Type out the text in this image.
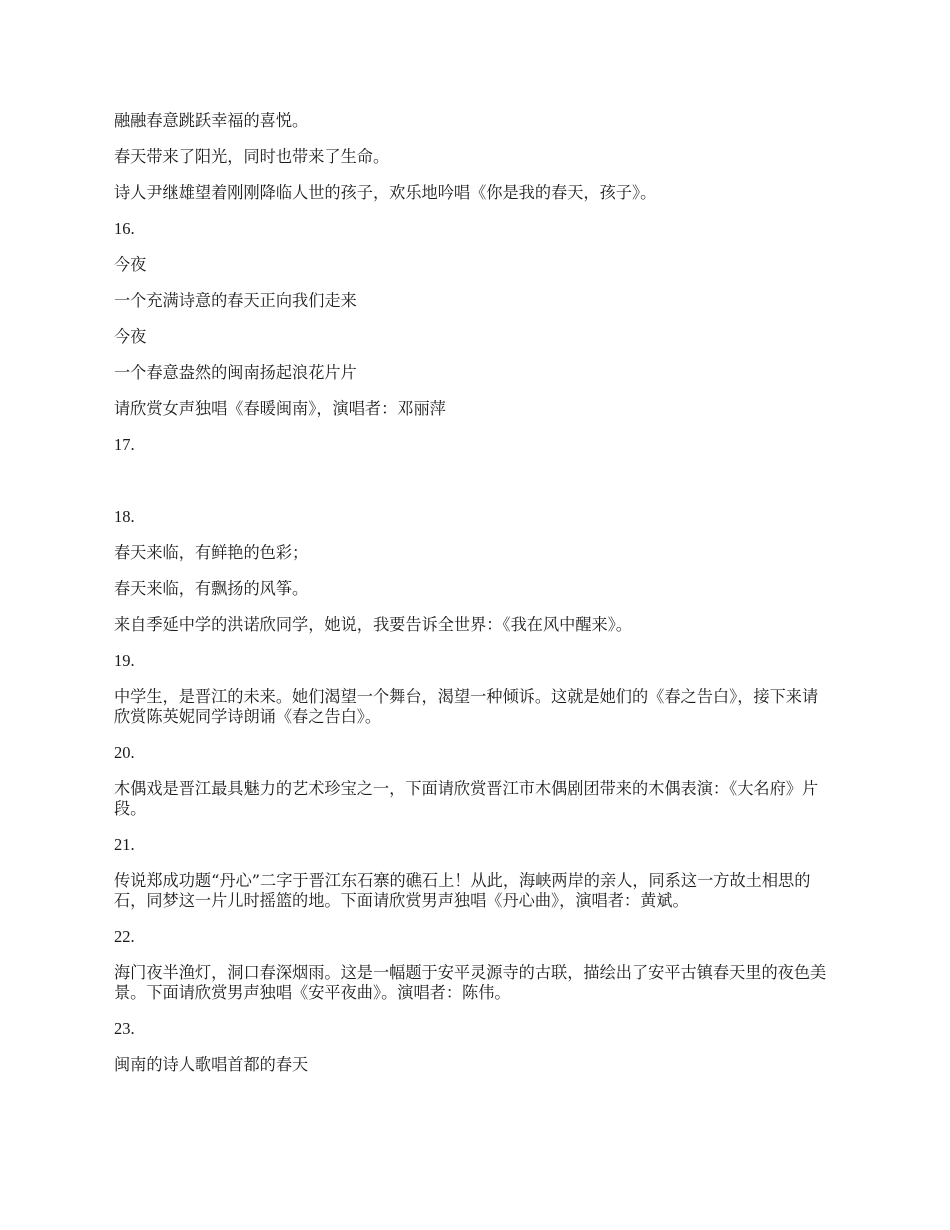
融融春意跳跃幸福的喜悦。

春天带来了阳光，同时也带来了生命。

诗人尹继雄望着刚刚降临人世的孩子，欢乐地吟唱《你是我的春天，孩子》。

16.

今夜

一个充满诗意的春天正向我们走来

今夜

一个春意盎然的闽南扬起浪花片片

请欣赏女声独唱《春暖闽南》，演唱者：邓丽萍

17.

18.

春天来临，有鲜艳的色彩；

春天来临，有飘扬的风筝。

来自季延中学的洪诺欣同学，她说，我要告诉全世界：《我在风中醒来》。

19.

中学生，是晋江的未来。她们渴望一个舞台，渴望一种倾诉。这就是她们的《春之告白》，接下来请欣赏陈英妮同学诗朗诵《春之告白》。

20.

木偶戏是晋江最具魅力的艺术珍宝之一，下面请欣赏晋江市木偶剧团带来的木偶表演：《大名府》片段。

21.

传说郑成功题“丹心”二字于晋江东石寨的礁石上！从此，海峡两岸的亲人，同系这一方故土相思的石，同梦这一片儿时摇篮的地。下面请欣赏男声独唱《丹心曲》，演唱者：黄斌。

22.

海门夜半渔灯，洞口春深烟雨。这是一幅题于安平灵源寺的古联，描绘出了安平古镇春天里的夜色美景。下面请欣赏男声独唱《安平夜曲》。演唱者：陈伟。

23.

闽南的诗人歌唱首都的春天
